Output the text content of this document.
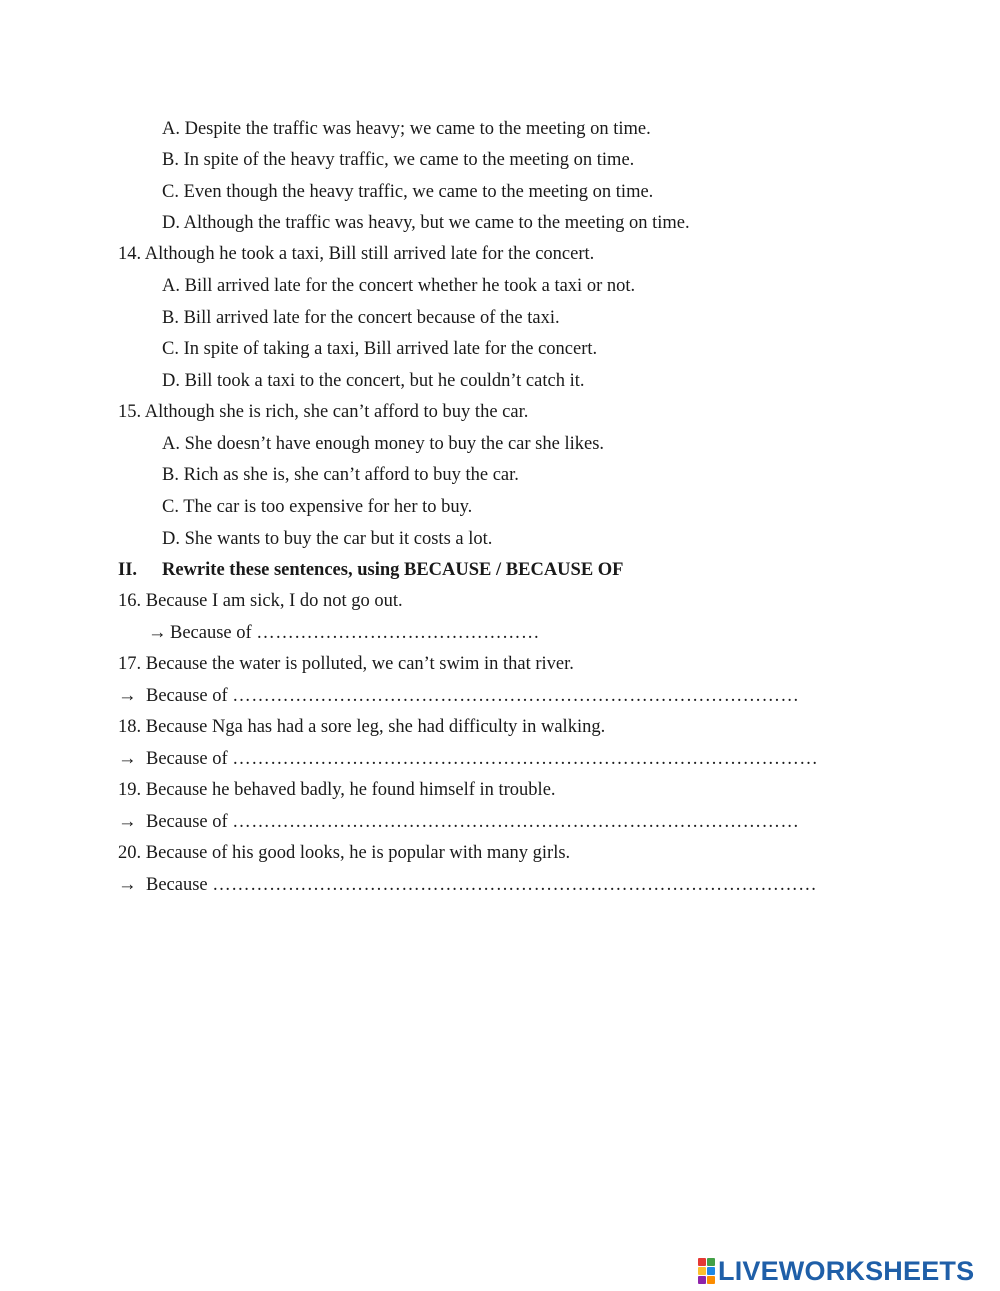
A. Despite the traffic was heavy; we came to the meeting on time.
B. In spite of the heavy traffic, we came to the meeting on time.
C. Even though the heavy traffic, we came to the meeting on time.
D. Although the traffic was heavy, but we came to the meeting on time.
14. Although he took a taxi, Bill still arrived late for the concert.
A. Bill arrived late for the concert whether he took a taxi or not.
B. Bill arrived late for the concert because of the taxi.
C. In spite of taking a taxi, Bill arrived late for the concert.
D. Bill took a taxi to the concert, but he couldn’t catch it.
15. Although she is rich, she can’t afford to buy the car.
A. She doesn’t have enough money to buy the car she likes.
B. Rich as she is, she can’t afford to buy the car.
C. The car is too expensive for her to buy.
D. She wants to buy the car but it costs a lot.
II. Rewrite these sentences, using BECAUSE / BECAUSE OF
16. Because I am sick, I do not go out.
→ Because of ………………………………………
17. Because the water is polluted, we can’t swim in that river.
→ Because of ………………………………………………………………………………
18. Because Nga has had a sore leg, she had difficulty in walking.
→ Because of …………………………………………………………………………………
19. Because he behaved badly, he found himself in trouble.
→ Because of ………………………………………………………………………………
20. Because of his good looks, he is popular with many girls.
→ Because ……………………………………………………………………………………
LIVEWORKSHEETS
